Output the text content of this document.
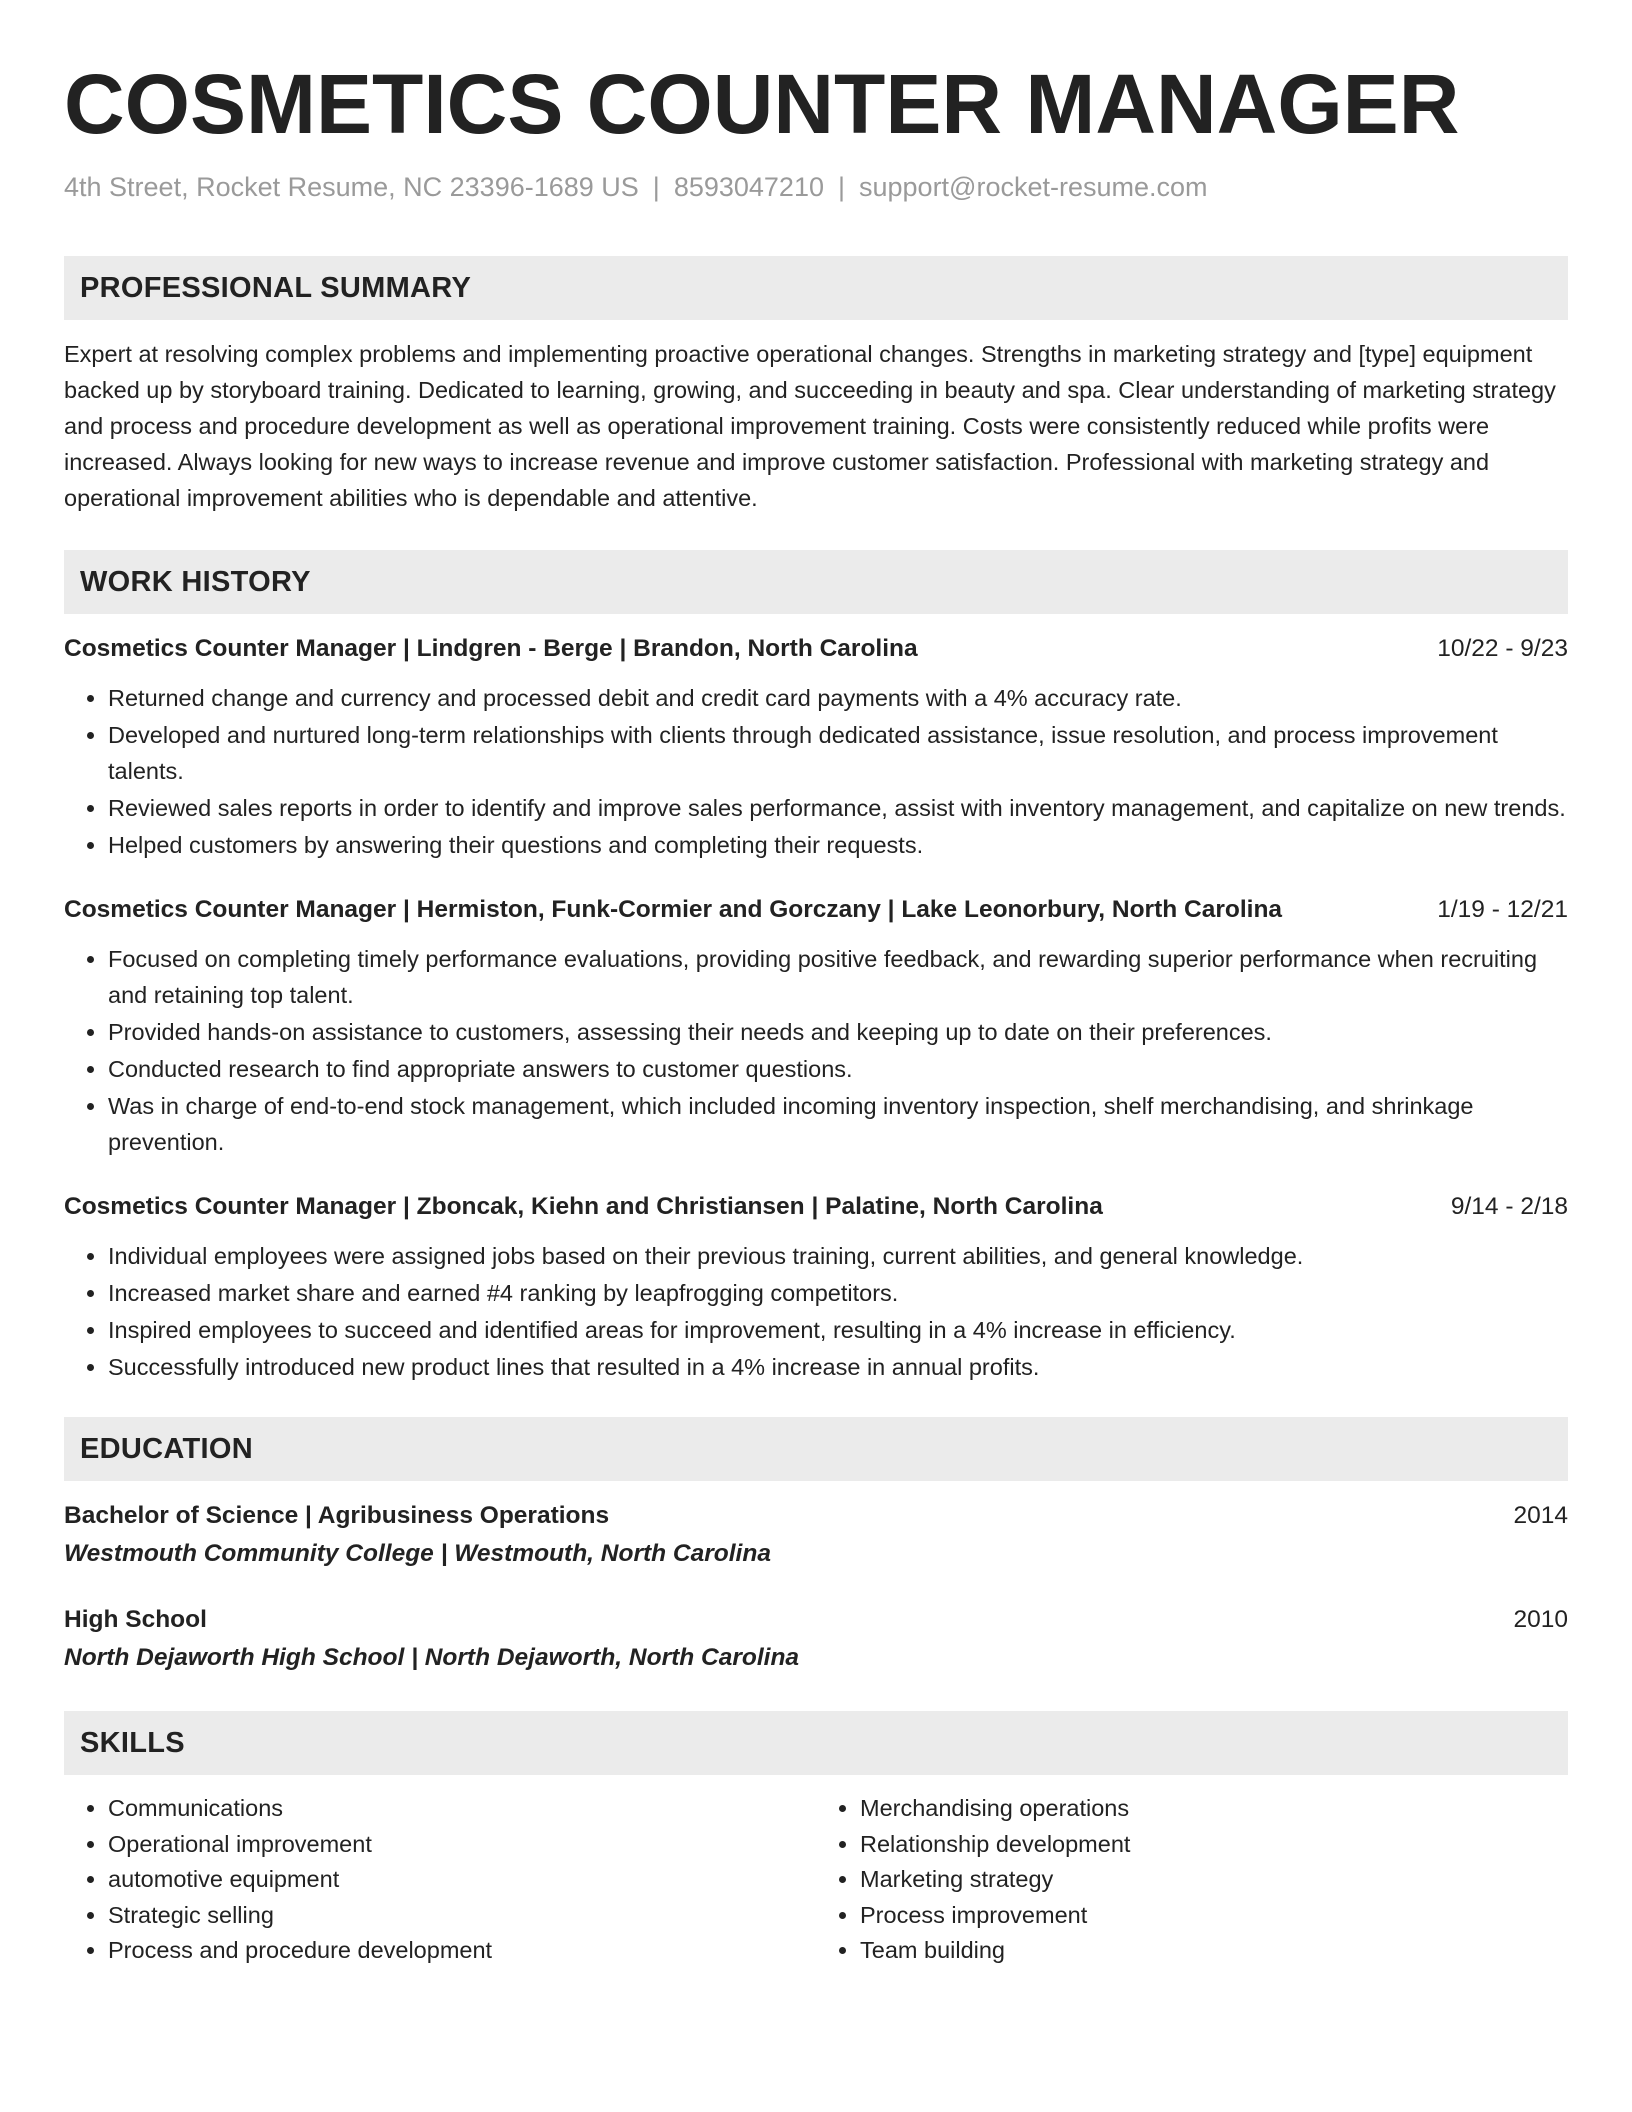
COSMETICS COUNTER MANAGER
4th Street, Rocket Resume, NC 23396-1689 US | 8593047210 | support@rocket-resume.com
PROFESSIONAL SUMMARY
Expert at resolving complex problems and implementing proactive operational changes. Strengths in marketing strategy and [type] equipment backed up by storyboard training. Dedicated to learning, growing, and succeeding in beauty and spa. Clear understanding of marketing strategy and process and procedure development as well as operational improvement training. Costs were consistently reduced while profits were increased. Always looking for new ways to increase revenue and improve customer satisfaction. Professional with marketing strategy and operational improvement abilities who is dependable and attentive.
WORK HISTORY
Cosmetics Counter Manager | Lindgren - Berge | Brandon, North Carolina	10/22 - 9/23
• Returned change and currency and processed debit and credit card payments with a 4% accuracy rate.
• Developed and nurtured long-term relationships with clients through dedicated assistance, issue resolution, and process improvement talents.
• Reviewed sales reports in order to identify and improve sales performance, assist with inventory management, and capitalize on new trends.
• Helped customers by answering their questions and completing their requests.
Cosmetics Counter Manager | Hermiston, Funk-Cormier and Gorczany | Lake Leonorbury, North Carolina	1/19 - 12/21
• Focused on completing timely performance evaluations, providing positive feedback, and rewarding superior performance when recruiting and retaining top talent.
• Provided hands-on assistance to customers, assessing their needs and keeping up to date on their preferences.
• Conducted research to find appropriate answers to customer questions.
• Was in charge of end-to-end stock management, which included incoming inventory inspection, shelf merchandising, and shrinkage prevention.
Cosmetics Counter Manager | Zboncak, Kiehn and Christiansen | Palatine, North Carolina	9/14 - 2/18
• Individual employees were assigned jobs based on their previous training, current abilities, and general knowledge.
• Increased market share and earned #4 ranking by leapfrogging competitors.
• Inspired employees to succeed and identified areas for improvement, resulting in a 4% increase in efficiency.
• Successfully introduced new product lines that resulted in a 4% increase in annual profits.
EDUCATION
Bachelor of Science | Agribusiness Operations	2014
Westmouth Community College | Westmouth, North Carolina
High School	2010
North Dejaworth High School | North Dejaworth, North Carolina
SKILLS
• Communications
• Operational improvement
• automotive equipment
• Strategic selling
• Process and procedure development
• Merchandising operations
• Relationship development
• Marketing strategy
• Process improvement
• Team building
